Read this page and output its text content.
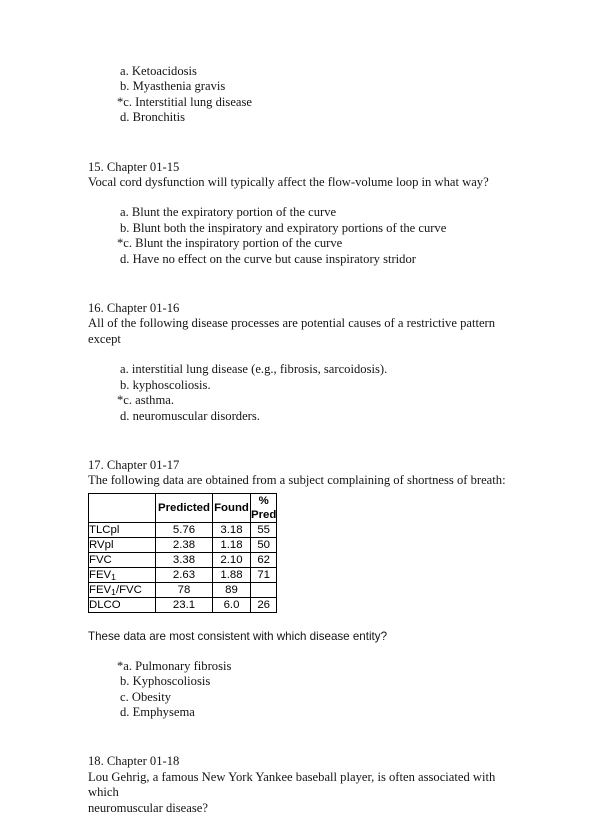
a. Ketoacidosis
b. Myasthenia gravis
*c. Interstitial lung disease
d. Bronchitis
15. Chapter 01-15
Vocal cord dysfunction will typically affect the flow-volume loop in what way?
a. Blunt the expiratory portion of the curve
b. Blunt both the inspiratory and expiratory portions of the curve
*c. Blunt the inspiratory portion of the curve
d. Have no effect on the curve but cause inspiratory stridor
16. Chapter 01-16
All of the following disease processes are potential causes of a restrictive pattern except
a. interstitial lung disease (e.g., fibrosis, sarcoidosis).
b. kyphoscoliosis.
*c. asthma.
d. neuromuscular disorders.
17. Chapter 01-17
The following data are obtained from a subject complaining of shortness of breath:
	Predicted	Found	%
Pred

TLCpl	5.76	3.18	55
RVpl	2.38	1.18	50
FVC	3.38	2.10	62
$FEV_1$	2.63	1.88	71
$FEV_1$/FVC	78	89	
DLCO	23.1	6.0	26
These data are most consistent with which disease entity?
*a. Pulmonary fibrosis
b. Kyphoscoliosis
c. Obesity
d. Emphysema
18. Chapter 01-18
Lou Gehrig, a famous New York Yankee baseball player, is often associated with which
neuromuscular disease?
